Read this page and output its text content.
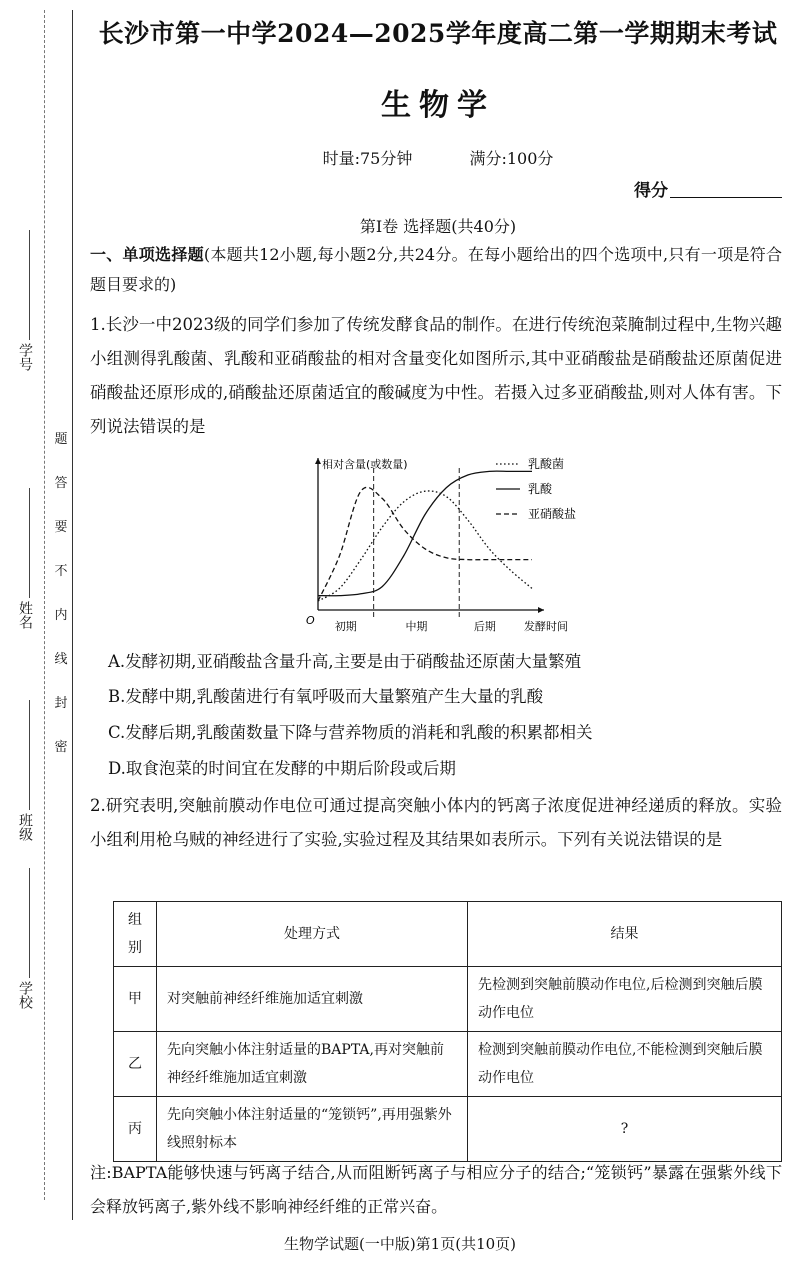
学号
姓名
班级
学校
题
答
要
不
内
线
封
密
长沙市第一中学2024—2025学年度高二第一学期期末考试
生物学
时量:75分钟	满分:100分
得分
第Ⅰ卷 选择题(共40分)
一、单项选择题(本题共12小题,每小题2分,共24分。在每小题给出的四个选项中,只有一项是符合题目要求的)
1.长沙一中2023级的同学们参加了传统发酵食品的制作。在进行传统泡菜腌制过程中,生物兴趣小组测得乳酸菌、乳酸和亚硝酸盐的相对含量变化如图所示,其中亚硝酸盐是硝酸盐还原菌促进硝酸盐还原形成的,硝酸盐还原菌适宜的酸碱度为中性。若摄入过多亚硝酸盐,则对人体有害。下列说法错误的是
相对含量(或数量)
发酵时间
O 初期	中期	后期
乳酸菌
乳酸
亚硝酸盐
A.发酵初期,亚硝酸盐含量升高,主要是由于硝酸盐还原菌大量繁殖
B.发酵中期,乳酸菌进行有氧呼吸而大量繁殖产生大量的乳酸
C.发酵后期,乳酸菌数量下降与营养物质的消耗和乳酸的积累都相关
D.取食泡菜的时间宜在发酵的中期后阶段或后期
2.研究表明,突触前膜动作电位可通过提高突触小体内的钙离子浓度促进神经递质的释放。实验小组利用枪乌贼的神经进行了实验,实验过程及其结果如表所示。下列有关说法错误的是
组别	处理方式	结果
甲	对突触前神经纤维施加适宜刺激	先检测到突触前膜动作电位,后检测到突触后膜动作电位
乙	先向突触小体注射适量的BAPTA,再对突触前神经纤维施加适宜刺激	检测到突触前膜动作电位,不能检测到突触后膜动作电位
丙	先向突触小体注射适量的“笼锁钙”,再用强紫外线照射标本	?
注:BAPTA能够快速与钙离子结合,从而阻断钙离子与相应分子的结合;“笼锁钙”暴露在强紫外线下会释放钙离子,紫外线不影响神经纤维的正常兴奋。
生物学试题(一中版)第1页(共10页)
